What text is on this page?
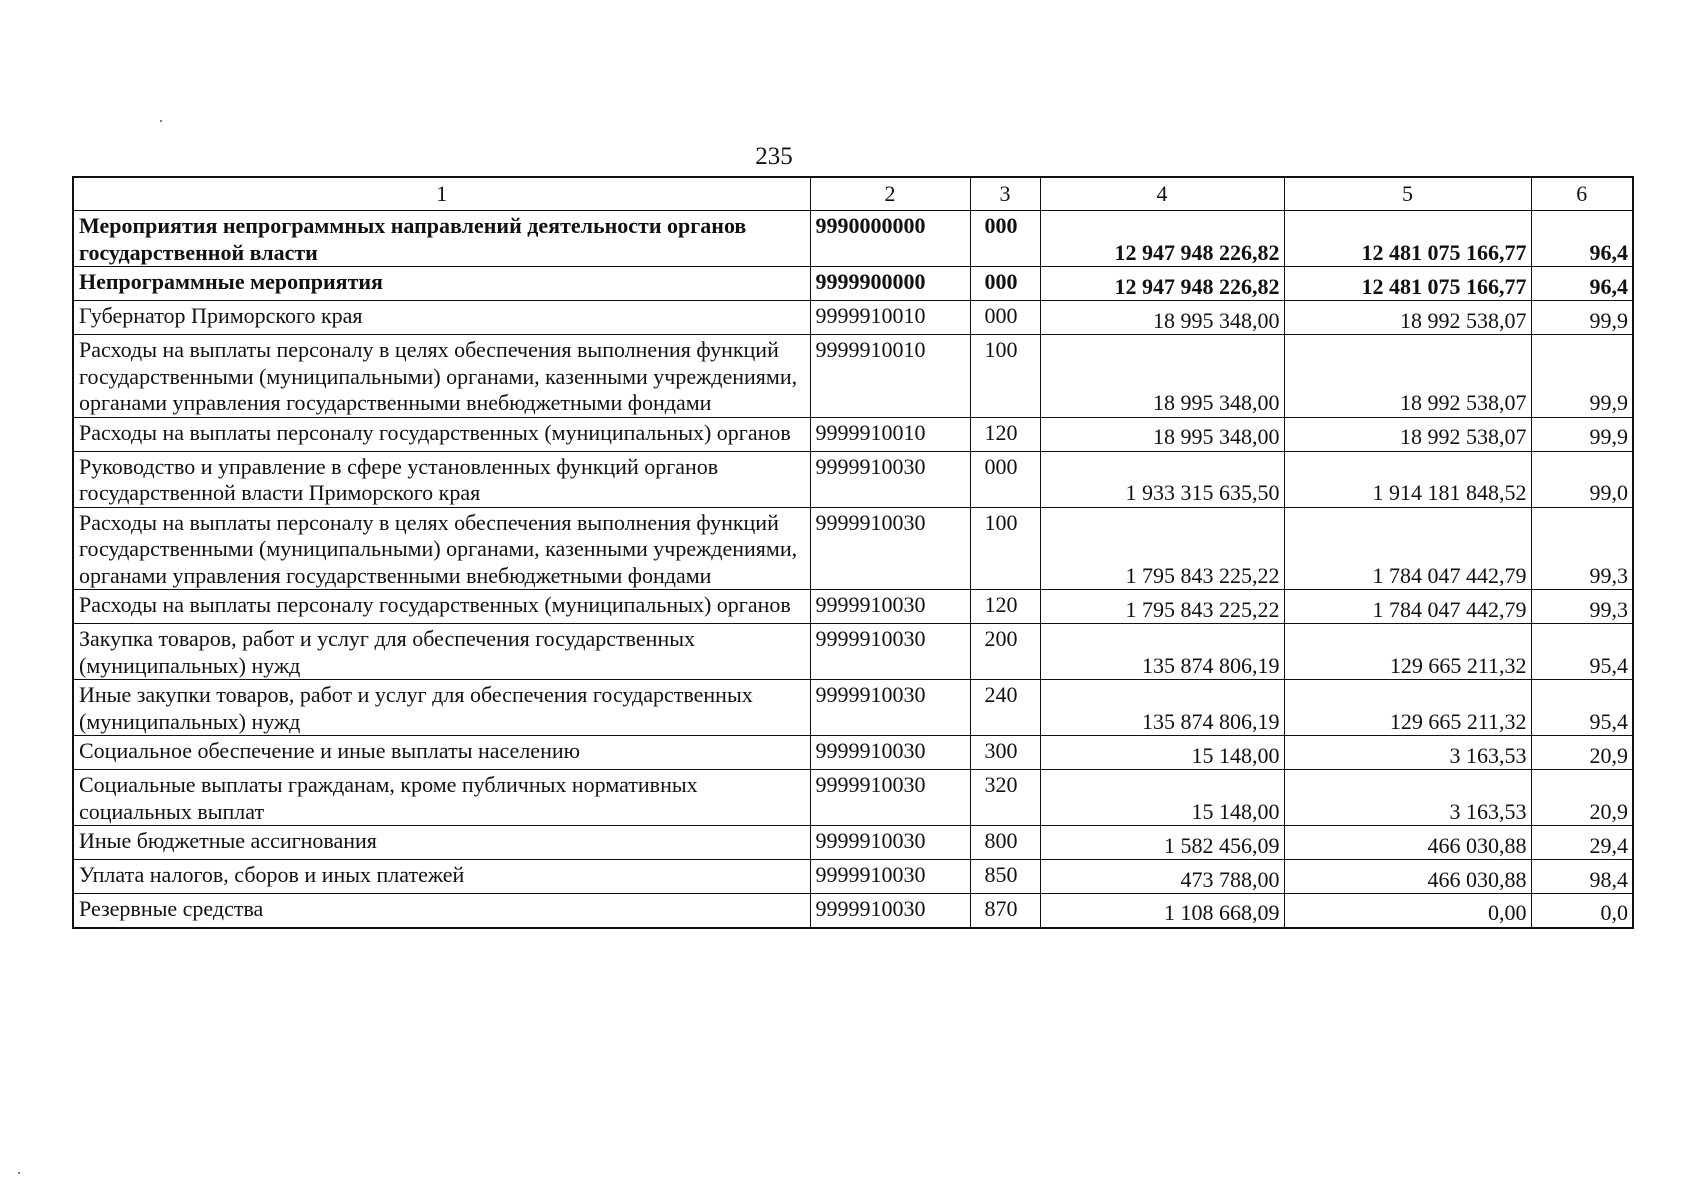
235
1	2	3	4	5	6
Мероприятия непрограммных направлений деятельности органов государственной власти	9990000000	000	12 947 948 226,82	12 481 075 166,77	96,4
Непрограммные мероприятия	9999900000	000	12 947 948 226,82	12 481 075 166,77	96,4
Губернатор Приморского края	9999910010	000	18 995 348,00	18 992 538,07	99,9
Расходы на выплаты персоналу в целях обеспечения выполнения функций государственными (муниципальными) органами, казенными учреждениями, органами управления государственными внебюджетными фондами	9999910010	100	18 995 348,00	18 992 538,07	99,9
Расходы на выплаты персоналу государственных (муниципальных) органов	9999910010	120	18 995 348,00	18 992 538,07	99,9
Руководство и управление в сфере установленных функций органов государственной власти Приморского края	9999910030	000	1 933 315 635,50	1 914 181 848,52	99,0
Расходы на выплаты персоналу в целях обеспечения выполнения функций государственными (муниципальными) органами, казенными учреждениями, органами управления государственными внебюджетными фондами	9999910030	100	1 795 843 225,22	1 784 047 442,79	99,3
Расходы на выплаты персоналу государственных (муниципальных) органов	9999910030	120	1 795 843 225,22	1 784 047 442,79	99,3
Закупка товаров, работ и услуг для обеспечения государственных (муниципальных) нужд	9999910030	200	135 874 806,19	129 665 211,32	95,4
Иные закупки товаров, работ и услуг для обеспечения государственных (муниципальных) нужд	9999910030	240	135 874 806,19	129 665 211,32	95,4
Социальное обеспечение и иные выплаты населению	9999910030	300	15 148,00	3 163,53	20,9
Социальные выплаты гражданам, кроме публичных нормативных социальных выплат	9999910030	320	15 148,00	3 163,53	20,9
Иные бюджетные ассигнования	9999910030	800	1 582 456,09	466 030,88	29,4
Уплата налогов, сборов и иных платежей	9999910030	850	473 788,00	466 030,88	98,4
Резервные средства	9999910030	870	1 108 668,09	0,00	0,0
